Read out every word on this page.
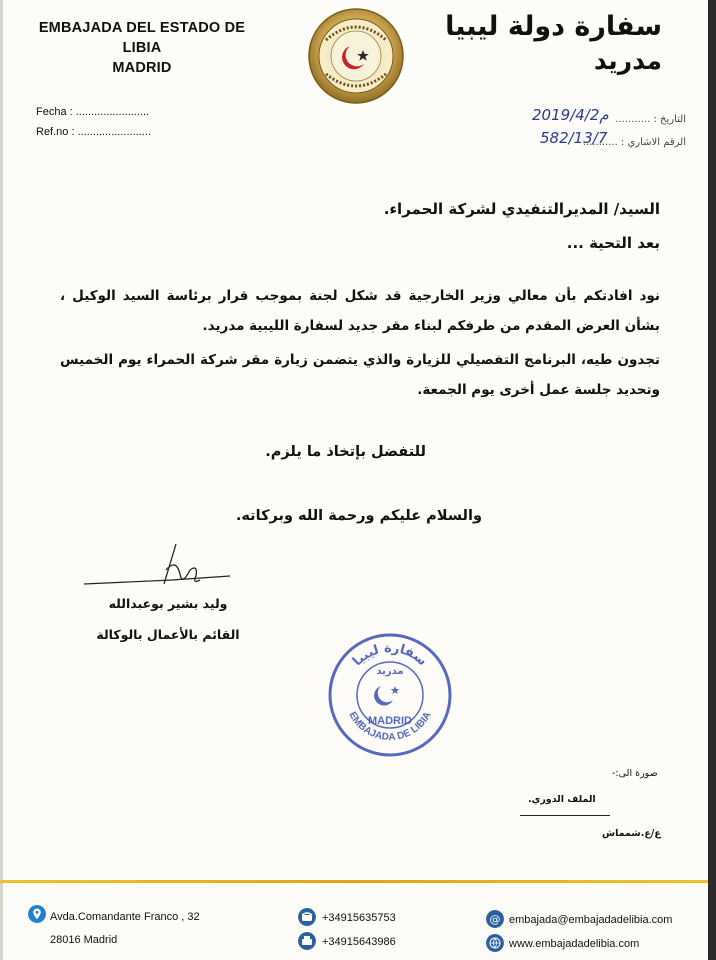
EMBAJADA DEL ESTADO DE LIBIA
MADRID
سفارة دولة ليبيا
مدريد
Fecha : ........................
Ref.no : ........................
التاريخ : ...........
الرقم الاشاري : ...........
2019/4/2م
582/13/7
السيد/ المديرالتنفيدي لشركة الحمراء.
بعد التحية ...
نود افادتكم بأن معالي وزير الخارجية قد شكل لجنة بموجب قرار برئاسة السيد الوكيل ، بشأن العرض المقدم من طرفكم لبناء مقر جديد لسفارة الليبية مدريد.
تجدون طيه، البرنامج التفصيلي للزيارة والذي يتضمن زيارة مقر شركة الحمراء يوم الخميس وتحديد جلسة عمل أخرى يوم الجمعة.
للتفضل بإتخاذ ما يلزم.
والسلام عليكم ورحمة الله وبركاته.
وليد بشير بوعبدالله
القائم بالأعمال بالوكالة
سفارة ليبيا
EMBAJADA DE LIBIA
مدريد
MADRID
صورة الى:-
الملف الدوري.
ع/ع.شمماش
Avda.Comandante Franco , 32
28016 Madrid
+34915635753
+34915643986
@ embajada@embajadadelibia.com
www.embajadadelibia.com
